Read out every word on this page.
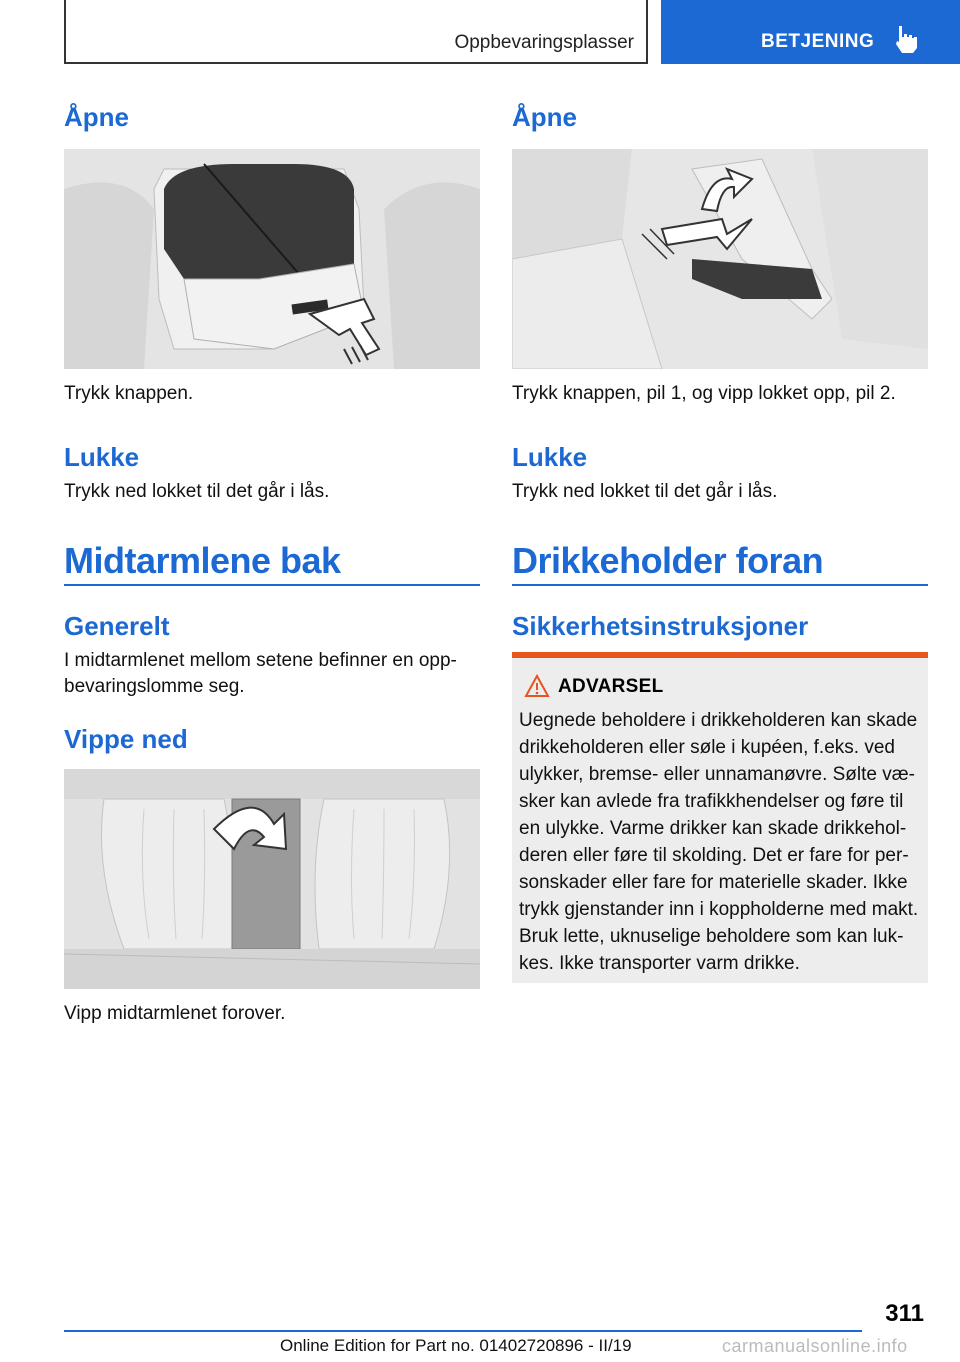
Oppbevaringsplasser	BETJENING
Åpne

Trykk knappen.

Lukke

Trykk ned lokket til det går i lås.

Midtarmlene bak
Generelt

I midtarmlenet mellom setene befinner en opp-bevaringslomme seg.

Vippe ned

Vipp midtarmlenet forover.

Åpne

Trykk knappen, pil 1, og vipp lokket opp, pil 2.

Lukke

Trykk ned lokket til det går i lås.

Drikkeholder foran
Sikkerhetsinstruksjoner
ADVARSEL

Uegnede beholdere i drikkeholderen kan skade drikkeholderen eller søle i kupéen, f.eks. ved ulykker, bremse- eller unnamanøvre. Sølte væ-sker kan avlede fra trafikkhendelser og føre til en ulykke. Varme drikker kan skade drikkehol-deren eller føre til skolding. Det er fare for per-sonskader eller fare for materielle skader. Ikke trykk gjenstander inn i koppholderne med makt. Bruk lette, uknuselige beholdere som kan luk-kes. Ikke transporter varm drikke.

311
Online Edition for Part no. 01402720896 - II/19	carmanualsonline.info
